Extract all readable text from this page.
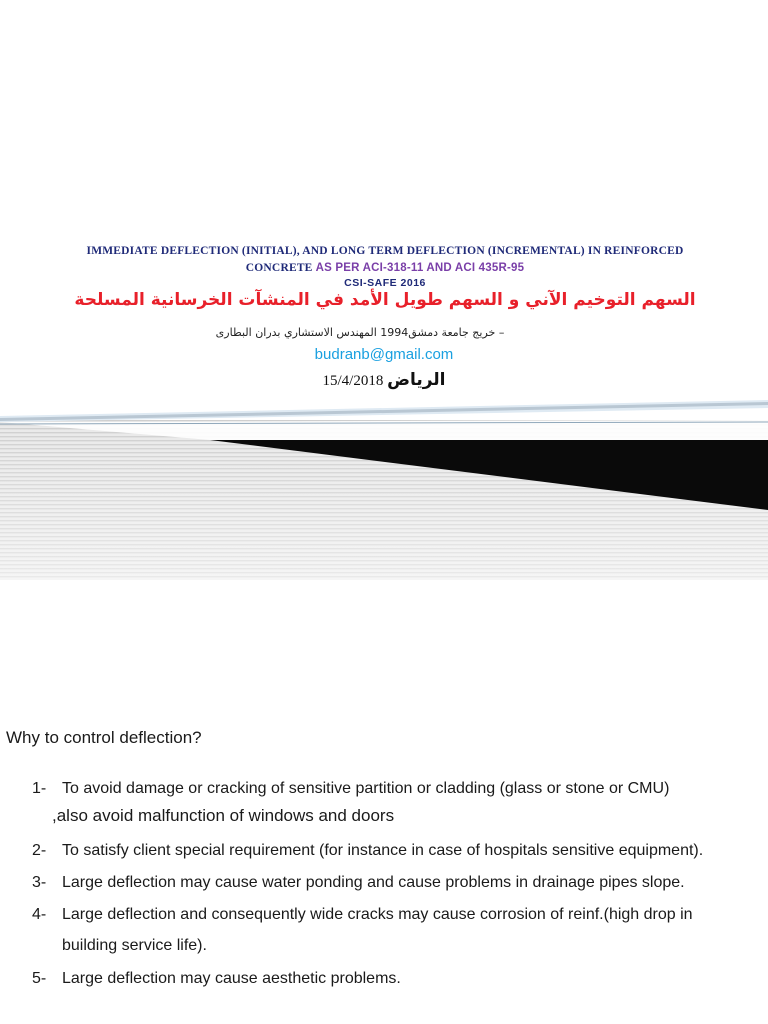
IMMEDIATE DEFLECTION (INITIAL), AND LONG TERM DEFLECTION (INCREMENTAL) IN REINFORCED
CONCRETE AS PER ACI-318-11 AND ACI 435R-95
CSI-SAFE 2016
السهم التوخيم الآني و السهم طويل الأمد في المنشآت الخرسانية المسلحة
– خريج جامعة دمشق1994 المهندس الاستشاري بدران البطارى
budranb@gmail.com
15/4/2018 الرياض
Why to control deflection?
1- To avoid damage or cracking of sensitive partition or cladding (glass or stone or CMU)
,also avoid malfunction of windows and doors
2- To satisfy client special requirement (for instance in case of hospitals sensitive equipment).
3- Large deflection may cause water ponding and cause problems in drainage pipes slope.
4- Large deflection and consequently wide cracks may cause corrosion of reinf.(high drop in
building service life).
5- Large deflection may cause aesthetic problems.
